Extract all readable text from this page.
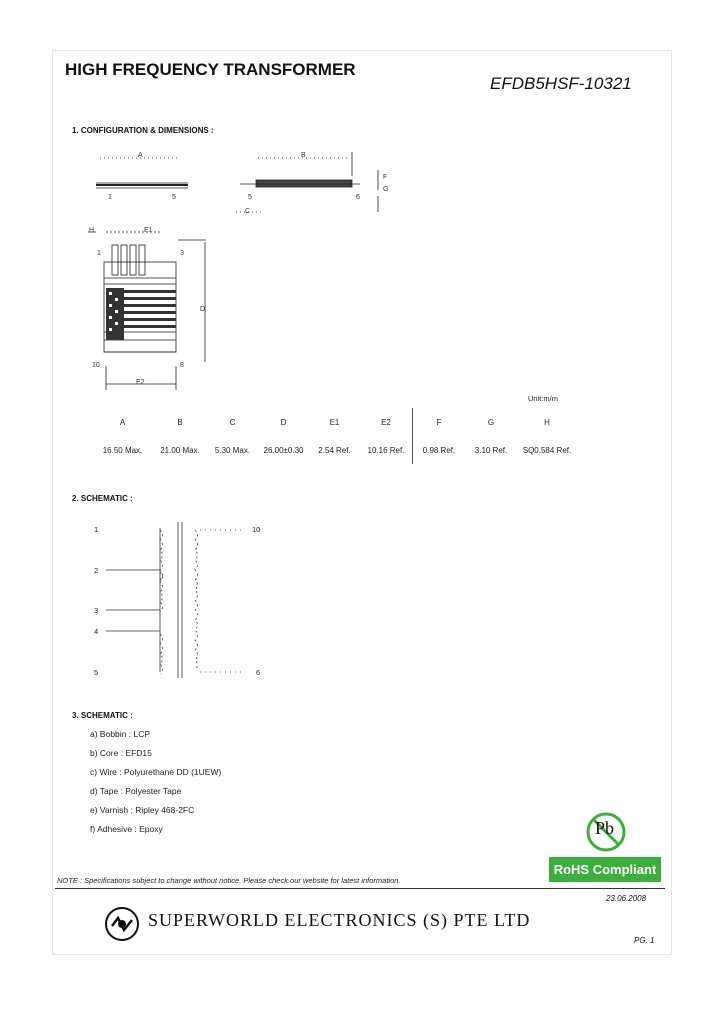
HIGH FREQUENCY TRANSFORMER
EFDB5HSF-10321
1. CONFIGURATION & DIMENSIONS :
A	B
F
G
C
1	5	5	6
H	E1
1	3
D
10	8
E2
Unit:m/m
A	B	C	D	E1	E2	F	G	H
16.50 Max.	21.00 Max.	5.30 Max.	26.00±0.30	2.54 Ref.	10.16 Ref.	0.98 Ref.	3.10 Ref.	SQ0.584 Ref.
2. SCHEMATIC :
1
2
3
4
5
10
6
3. SCHEMATIC :
a) Bobbin : LCP
b) Core : EFD15
c) Wire : Polyurethane DD (1UEW)
d) Tape : Polyester Tape
e) Varnish : Ripley 468-2FC
f) Adhesive : Epoxy	Pb
RoHS Compliant
NOTE : Specifications subject to change without notice. Please check our website for latest information.
23.06.2008
SUPERWORLD ELECTRONICS (S) PTE LTD
PG. 1
